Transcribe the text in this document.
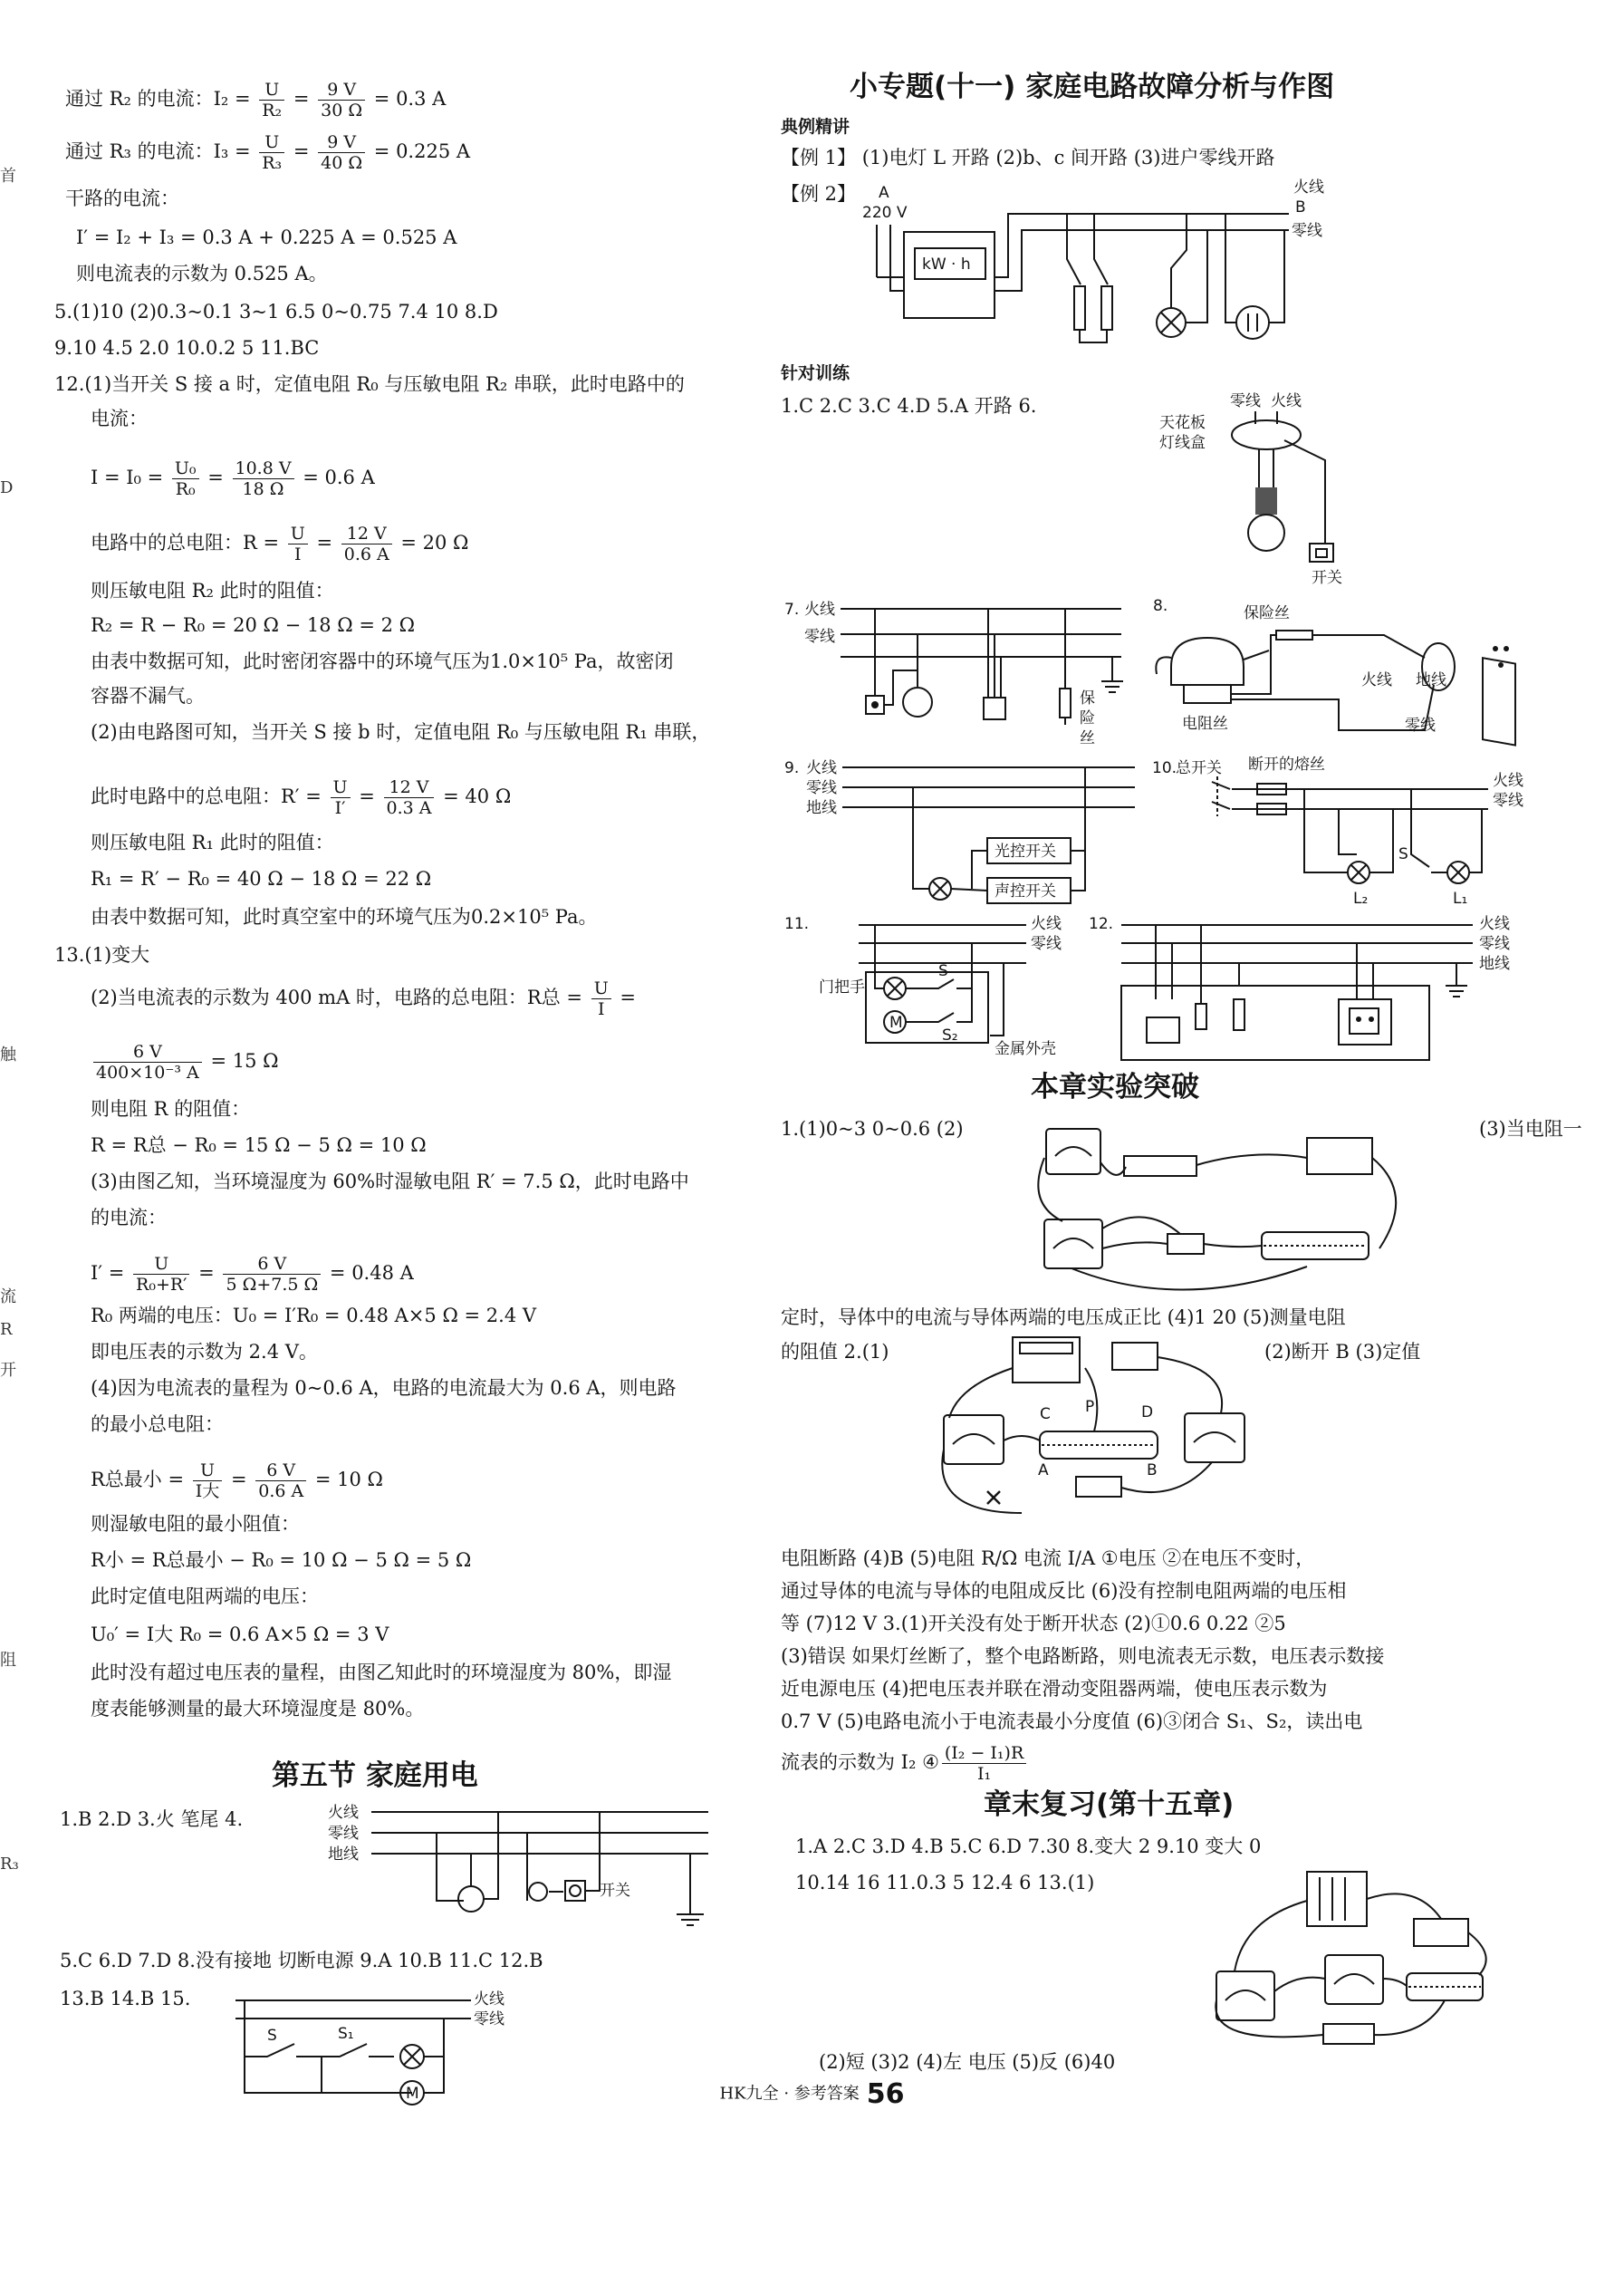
首
D
触
流
R
开
阻
R₃
通过 R₂ 的电流：$I_2 = \frac{U}{\text{R₂}} = \frac{9 V}{30 \Omega} = 0.3$ A
通过 R₃ 的电流：$I_3 = \frac{U}{\text{R₃}} = \frac{9 V}{40 \Omega} = 0.225$ A
干路的电流：
I′ = I₂ + I₃ = 0.3 A + 0.225 A = 0.525 A
则电流表的示数为 0.525 A。
5.(1)10 (2)0.3~0.1 3~1 6.5 0~0.75 7.4 10 8.D
9.10 4.5 2.0 10.0.2 5 11.BC
12.(1)当开关 S 接 a 时，定值电阻 R₀ 与压敏电阻 R₂ 串联，此时电路中的
电流：
$I = I_0 = \frac{\text{U₀}}{\text{R₀}} = \frac{10.8 V}{18 \Omega} = 0.6$ A
电路中的总电阻：$R = \frac{U}{I} = \frac{12 V}{0.6 A} = 20$ Ω
则压敏电阻 R₂ 此时的阻值：
R₂ = R − R₀ = 20 Ω − 18 Ω = 2 Ω
由表中数据可知，此时密闭容器中的环境气压为1.0×10⁵ Pa，故密闭
容器不漏气。
(2)由电路图可知，当开关 S 接 b 时，定值电阻 R₀ 与压敏电阻 R₁ 串联，
此时电路中的总电阻：$R' = \frac{U}{I'} = \frac{12 V}{0.3 A} = 40$ Ω
则压敏电阻 R₁ 此时的阻值：
R₁ = R′ − R₀ = 40 Ω − 18 Ω = 22 Ω
由表中数据可知，此时真空室中的环境气压为0.2×10⁵ Pa。
13.(1)变大
(2)当电流表的示数为 400 mA 时，电路的总电阻：R总 = $\frac{U}{I}$ =
$\frac{6 V}{\text{400×10⁻³ A}} = 15$ Ω
则电阻 R 的阻值：
R = R总 − R₀ = 15 Ω − 5 Ω = 10 Ω
(3)由图乙知，当环境湿度为 60%时湿敏电阻 R′ = 7.5 Ω，此时电路中
的电流：
$I' = \frac{U}{\text{R₀+R′}} = \frac{6 V}{5 \Omega+7.5 \Omega} = 0.48$ A
R₀ 两端的电压：U₀ = I′R₀ = 0.48 A×5 Ω = 2.4 V
即电压表的示数为 2.4 V。
(4)因为电流表的量程为 0~0.6 A，电路的电流最大为 0.6 A，则电路
的最小总电阻：
R总最小 = $\frac{U}{\text{I大}} = \frac{6 V}{0.6 A} = 10$ Ω
则湿敏电阻的最小阻值：
R小 = R总最小 − R₀ = 10 Ω − 5 Ω = 5 Ω
此时定值电阻两端的电压：
U₀′ = I大 R₀ = 0.6 A×5 Ω = 3 V
此时没有超过电压表的量程，由图乙知此时的环境湿度为 80%，即湿
度表能够测量的最大环境湿度是 80%。
第五节 家庭用电
1.B 2.D 3.火 笔尾 4.	火线
零线
地线
开关
5.C 6.D 7.D 8.没有接地 切断电源 9.A 10.B 11.C 12.B
13.B 14.B 15.	火线
零线
S	S₁
M
小专题(十一) 家庭电路故障分析与作图
典例精讲
【例 1】 (1)电灯 L 开路 (2)b、c 间开路 (3)进户零线开路
【例 2】 A
220 V
kW · h
火线
B
零线
针对训练
1.C 2.C 3.C 4.D 5.A 开路 6.	零线 火线
天花板
灯线盒
开关
7. 火线
零线
保
险
丝
8.	保险丝
电阻丝
火线 地线
零线
9. 火线
零线
地线
光控开关
声控开关
10.
总开关 断开的熔丝
火线
零线
L₂
S
L₁
11.	火线
零线
门把手
M
S
S₂
金属外壳
12.	火线
零线
地线
本章实验突破
1.(1)0~3 0~0.6 (2)	(3)当电阻一
定时，导体中的电流与导体两端的电压成正比 (4)1 20 (5)测量电阻
的阻值 2.(1)	(2)断开 B (3)定值
C P	D
A	B
电阻断路 (4)B (5)电阻 R/Ω 电流 I/A ①电压 ②在电压不变时，
通过导体的电流与导体的电阻成反比 (6)没有控制电阻两端的电压相
等 (7)12 V 3.(1)开关没有处于断开状态 (2)①0.6 0.22 ②5
(3)错误 如果灯丝断了，整个电路断路，则电流表无示数，电压表示数接
近电源电压 (4)把电压表并联在滑动变阻器两端，使电压表示数为
0.7 V (5)电路电流小于电流表最小分度值 (6)③闭合 S₁、S₂，读出电
流表的示数为 I₂ ④ $\frac{\text{(I₂ − I₁)R}}{\text{I₁}}$
章末复习(第十五章)
1.A 2.C 3.D 4.B 5.C 6.D 7.30 8.变大 2 9.10 变大 0
10.14 16 11.0.3 5 12.4 6 13.(1)
(2)短 (3)2 (4)左 电压 (5)反 (6)40
HK九全 · 参考答案 56
